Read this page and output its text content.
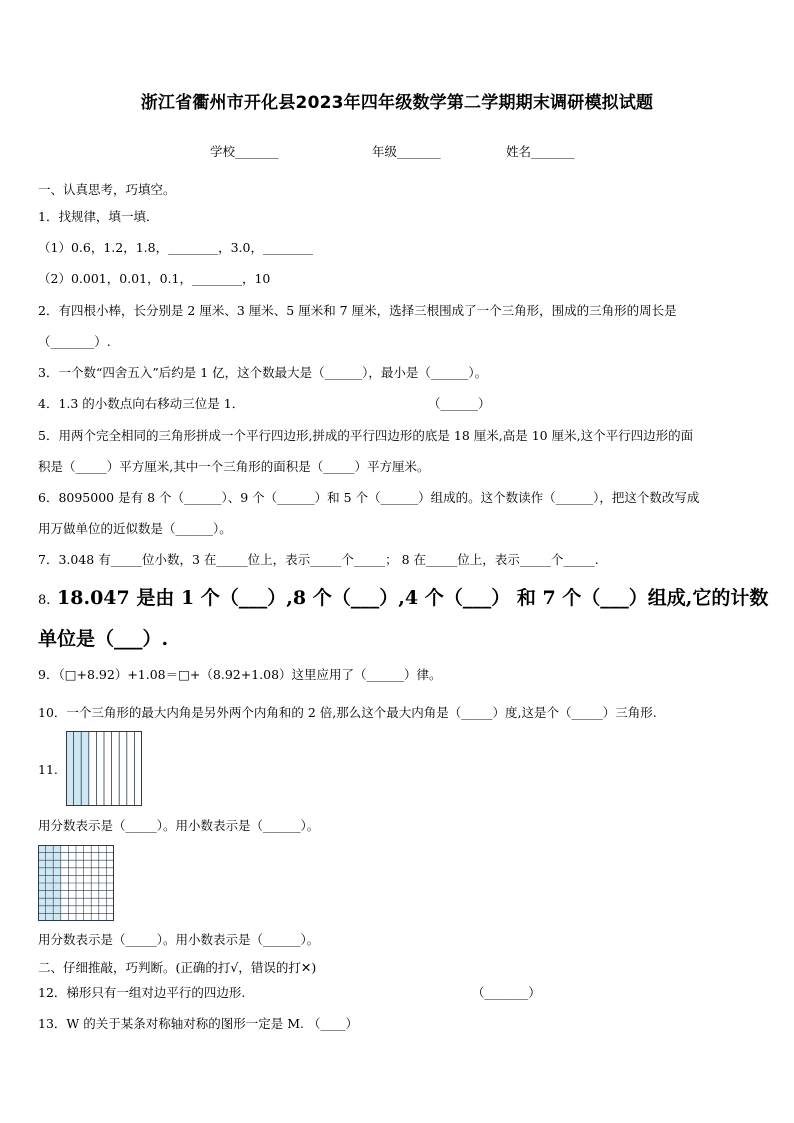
浙江省衢州市开化县2023年四年级数学第二学期期末调研模拟试题
学校_______	年级_______	姓名_______
一、认真思考，巧填空。
1．找规律，填一填．
（1）0.6，1.2，1.8，________，3.0，________
（2）0.001，0.01，0.1，________，10
2．有四根小棒，长分别是 2 厘米、3 厘米、5 厘米和 7 厘米，选择三根围成了一个三角形，围成的三角形的周长是
（_______）.
3．一个数“四舍五入”后约是 1 亿，这个数最大是（______），最小是（______）。
4．1.3 的小数点向右移动三位是 1．	（______）
5．用两个完全相同的三角形拼成一个平行四边形,拼成的平行四边形的底是 18 厘米,高是 10 厘米,这个平行四边形的面
积是（_____）平方厘米,其中一个三角形的面积是（_____）平方厘米。
6．8095000 是有 8 个（______）、9 个（______）和 5 个（______）组成的。这个数读作（______），把这个数改写成
用万做单位的近似数是（______）。
7．3.048 有_____位小数，3 在_____位上，表示_____个_____； 8 在_____位上，表示_____个_____.
8. 18.047 是由 1 个（___）,8 个（___）,4 个（___） 和 7 个（___）组成,它的计数
单位是（___）.
9．（□+8.92）+1.08＝□+（8.92+1.08）这里应用了（______）律。
10．一个三角形的最大内角是另外两个内角和的 2 倍,那么这个最大内角是（_____）度,这是个（_____）三角形.
11.
用分数表示是（_____）。用小数表示是（______）。
用分数表示是（_____）。用小数表示是（______）。
二、仔细推敲，巧判断。(正确的打√，错误的打✕)
12．梯形只有一组对边平行的四边形.	（_______）
13．W 的关于某条对称轴对称的图形一定是 M. （____）
